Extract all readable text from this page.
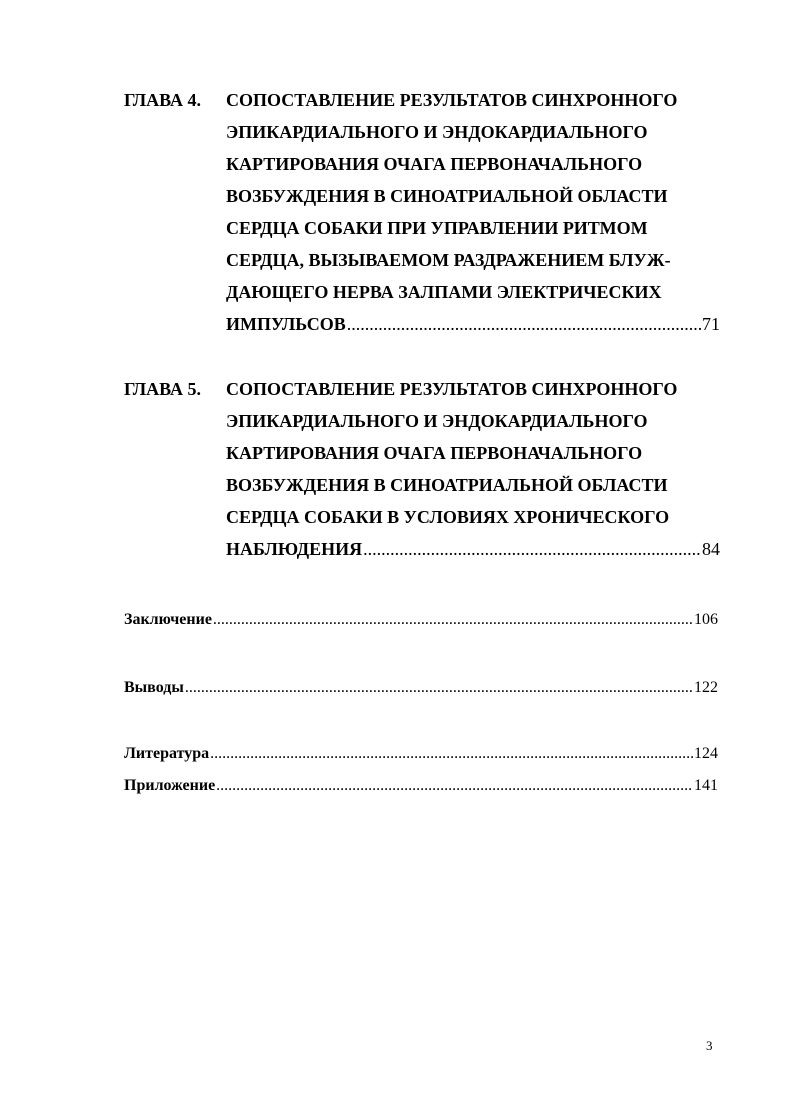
ГЛАВА 4. СОПОСТАВЛЕНИЕ РЕЗУЛЬТАТОВ СИНХРОННОГО
ЭПИКАРДИАЛЬНОГО И ЭНДОКАРДИАЛЬНОГО
КАРТИРОВАНИЯ ОЧАГА ПЕРВОНАЧАЛЬНОГО
ВОЗБУЖДЕНИЯ В СИНОАТРИАЛЬНОЙ ОБЛАСТИ
СЕРДЦА СОБАКИ ПРИ УПРАВЛЕНИИ РИТМОМ
СЕРДЦА, ВЫЗЫВАЕМОМ РАЗДРАЖЕНИЕМ БЛУЖ-
ДАЮЩЕГО НЕРВА ЗАЛПАМИ ЭЛЕКТРИЧЕСКИХ
ИМПУЛЬСОВ .....	71
ГЛАВА 5. СОПОСТАВЛЕНИЕ РЕЗУЛЬТАТОВ СИНХРОННОГО
ЭПИКАРДИАЛЬНОГО И ЭНДОКАРДИАЛЬНОГО
КАРТИРОВАНИЯ ОЧАГА ПЕРВОНАЧАЛЬНОГО
ВОЗБУЖДЕНИЯ В СИНОАТРИАЛЬНОЙ ОБЛАСТИ
СЕРДЦА СОБАКИ В УСЛОВИЯХ ХРОНИЧЕСКОГО
НАБЛЮДЕНИЯ .....	84
Заключение .....	106
Выводы .....	122
Литература .....	124
Приложение .....	141
3
